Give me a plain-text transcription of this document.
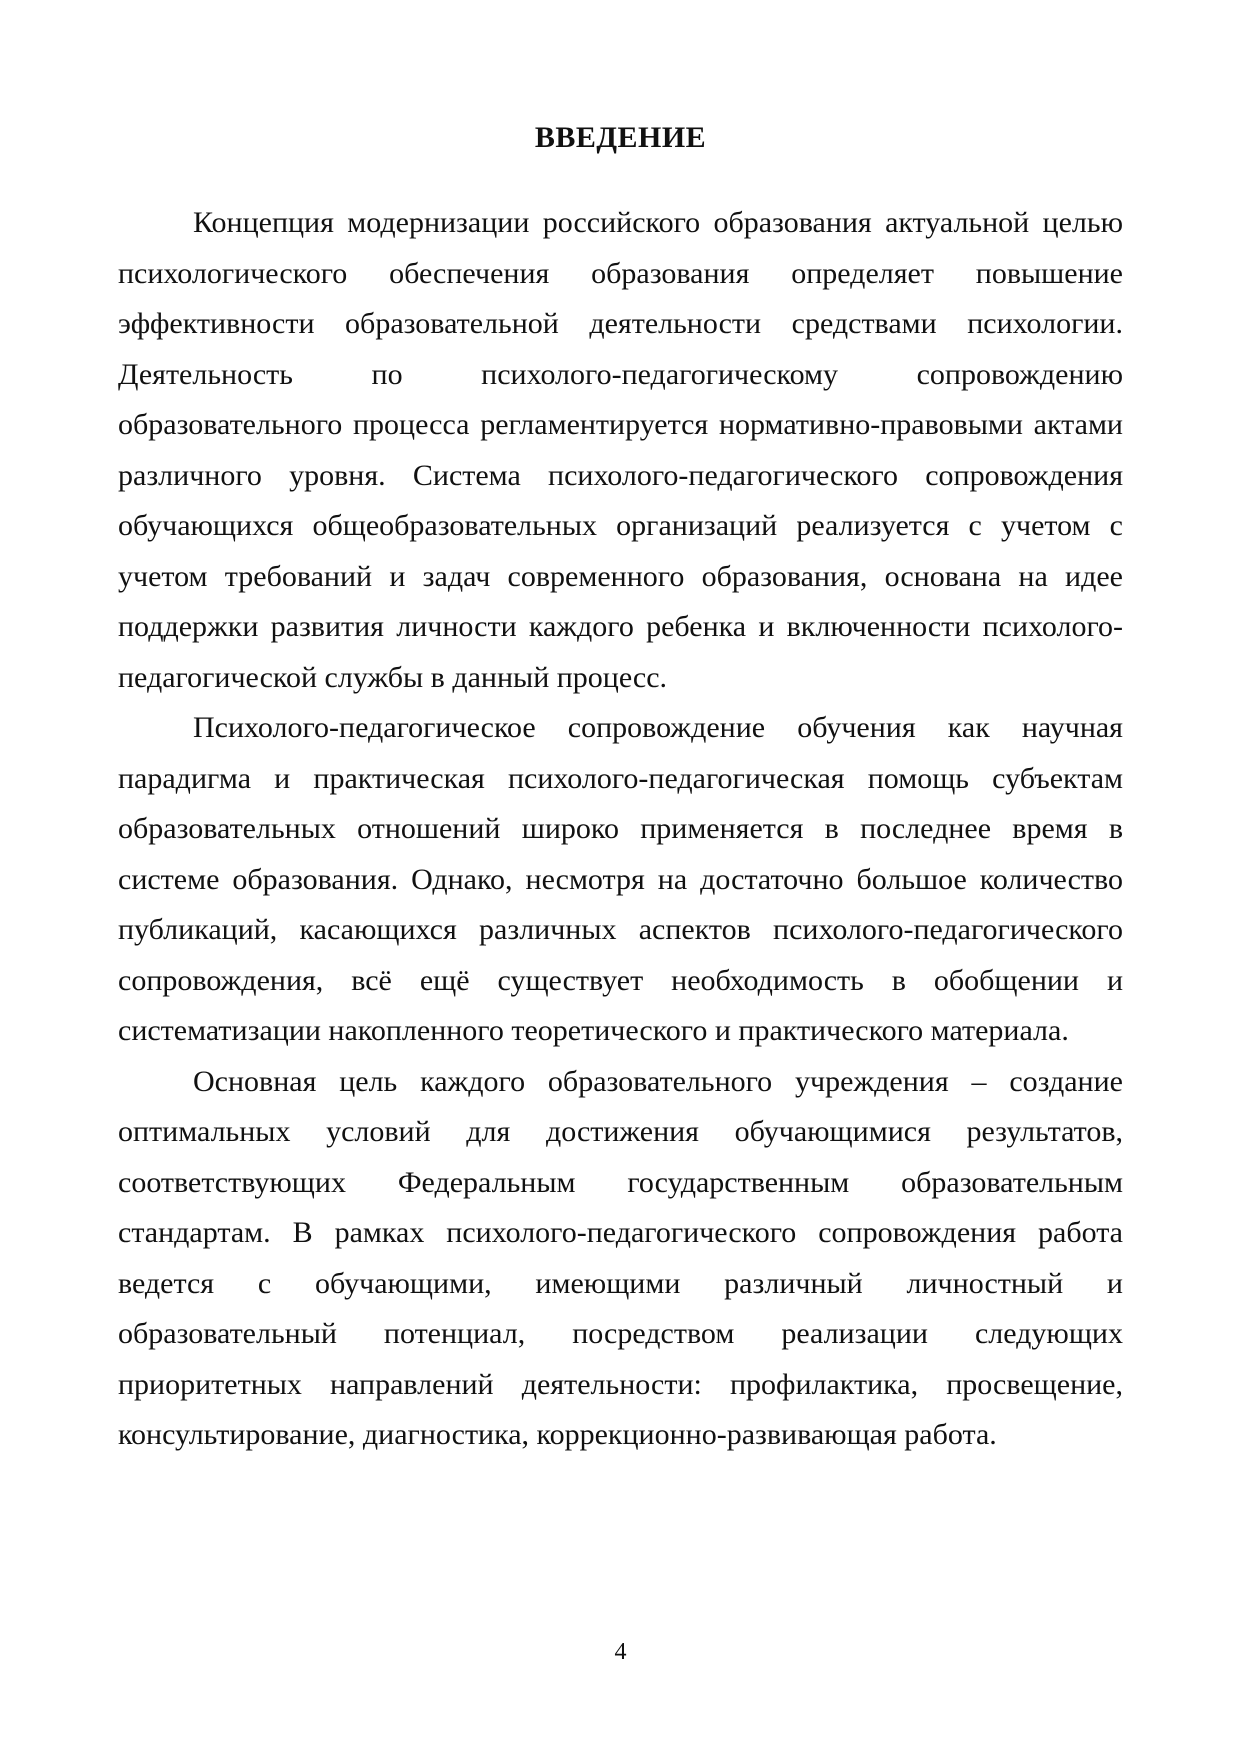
ВВЕДЕНИЕ

Концепция модернизации российского образования актуальной целью психологического обеспечения образования определяет повышение эффективности образовательной деятельности средствами психологии. Деятельность по психолого-педагогическому сопровождению образовательного процесса регламентируется нормативно-правовыми актами различного уровня. Система психолого-педагогического сопровождения обучающихся общеобразовательных организаций реализуется с учетом с учетом требований и задач современного образования, основана на идее поддержки развития личности каждого ребенка и включенности психолого-педагогической службы в данный процесс.

Психолого-педагогическое сопровождение обучения как научная парадигма и практическая психолого-педагогическая помощь субъектам образовательных отношений широко применяется в последнее время в системе образования. Однако, несмотря на достаточно большое количество публикаций, касающихся различных аспектов психолого-педагогического сопровождения, всё ещё существует необходимость в обобщении и систематизации накопленного теоретического и практического материала.

Основная цель каждого образовательного учреждения – создание оптимальных условий для достижения обучающимися результатов, соответствующих Федеральным государственным образовательным стандартам. В рамках психолого-педагогического сопровождения работа ведется с обучающими, имеющими различный личностный и образовательный потенциал, посредством реализации следующих приоритетных направлений деятельности: профилактика, просвещение, консультирование, диагностика, коррекционно-развивающая работа.

4
